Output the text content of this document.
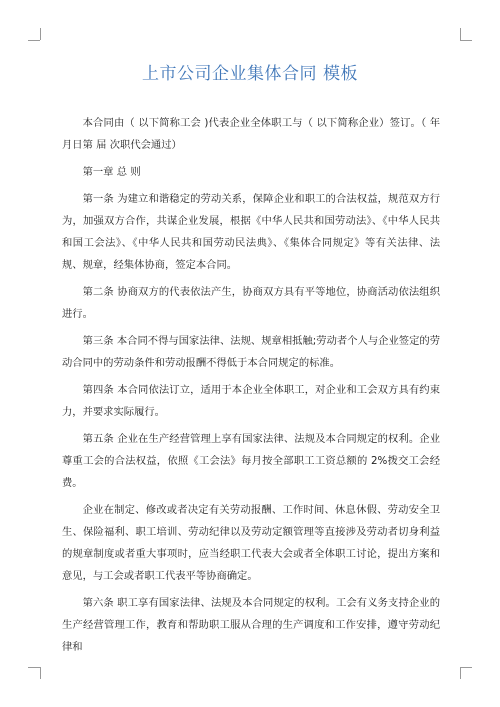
上市公司企业集体合同 模板

本合同由（ 以下简称工会 )代表企业全体职工与（ 以下简称企业）签订。（ 年 月日第 届 次职代会通过）

第一章 总 则

第一条 为建立和谐稳定的劳动关系，保障企业和职工的合法权益，规范双方行为，加强双方合作，共谋企业发展，根据《中华人民共和国劳动法》、《中华人民共和国工会法》、《中华人民共和国劳动民法典》、《集体合同规定》等有关法律、法规、规章，经集体协商，签定本合同。

第二条 协商双方的代表依法产生，协商双方具有平等地位，协商活动依法组织进行。

第三条 本合同不得与国家法律、法规、规章相抵触;劳动者个人与企业签定的劳动合同中的劳动条件和劳动报酬不得低于本合同规定的标准。

第四条 本合同依法订立，适用于本企业全体职工，对企业和工会双方具有约束力，并要求实际履行。

第五条 企业在生产经营管理上享有国家法律、法规及本合同规定的权利。企业尊重工会的合法权益，依照《工会法》每月按全部职工工资总额的 2%拨交工会经费。

企业在制定、修改或者决定有关劳动报酬、工作时间、休息休假、劳动安全卫生、保险福利、职工培训、劳动纪律以及劳动定额管理等直接涉及劳动者切身利益的规章制度或者重大事项时，应当经职工代表大会或者全体职工讨论，提出方案和意见，与工会或者职工代表平等协商确定。

第六条 职工享有国家法律、法规及本合同规定的权利。工会有义务支持企业的生产经营管理工作，教育和帮助职工服从合理的生产调度和工作安排，遵守劳动纪律和
